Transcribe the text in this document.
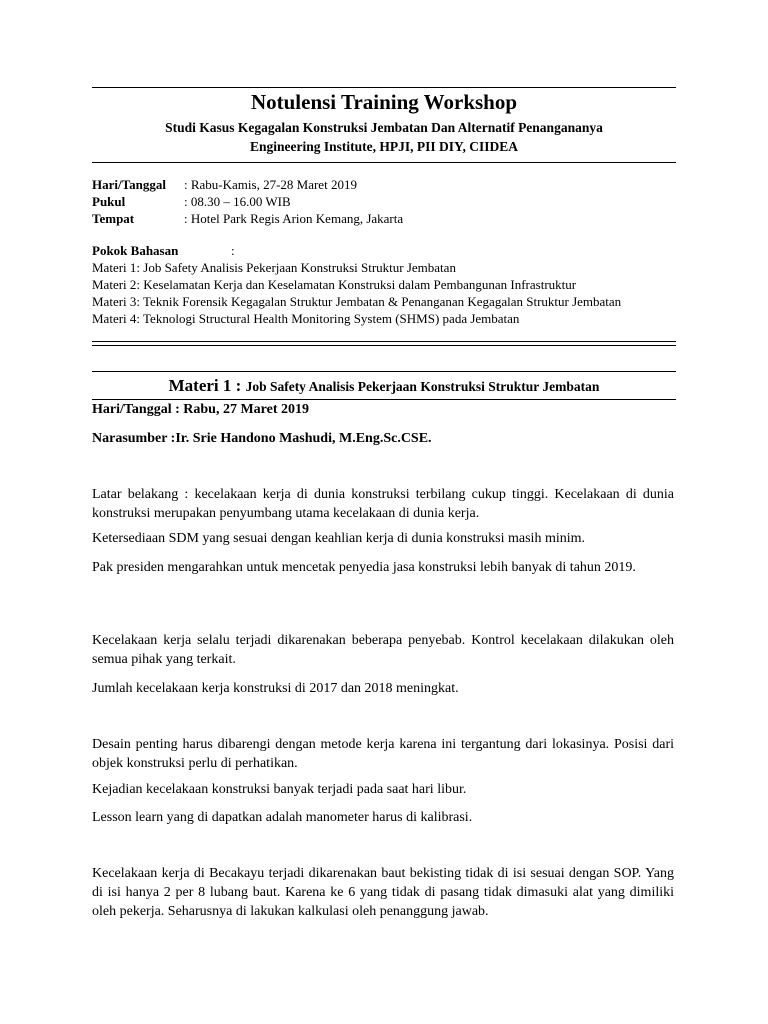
Notulensi Training Workshop
Studi Kasus Kegagalan Konstruksi Jembatan Dan Alternatif Penangananya
Engineering Institute, HPJI, PII DIY, CIIDEA
Hari/Tanggal : Rabu-Kamis, 27-28 Maret 2019
Pukul	: 08.30 – 16.00 WIB
Tempat	: Hotel Park Regis Arion Kemang, Jakarta
Pokok Bahasan	:
Materi 1: Job Safety Analisis Pekerjaan Konstruksi Struktur Jembatan
Materi 2: Keselamatan Kerja dan Keselamatan Konstruksi dalam Pembangunan Infrastruktur
Materi 3: Teknik Forensik Kegagalan Struktur Jembatan & Penanganan Kegagalan Struktur Jembatan
Materi 4: Teknologi Structural Health Monitoring System (SHMS) pada Jembatan
Materi 1 : Job Safety Analisis Pekerjaan Konstruksi Struktur Jembatan
Hari/Tanggal : Rabu, 27 Maret 2019
Narasumber :Ir. Srie Handono Mashudi, M.Eng.Sc.CSE.
Latar belakang : kecelakaan kerja di dunia konstruksi terbilang cukup tinggi. Kecelakaan di dunia konstruksi merupakan penyumbang utama kecelakaan di dunia kerja.
Ketersediaan SDM yang sesuai dengan keahlian kerja di dunia konstruksi masih minim.
Pak presiden mengarahkan untuk mencetak penyedia jasa konstruksi lebih banyak di tahun 2019.
Kecelakaan kerja selalu terjadi dikarenakan beberapa penyebab. Kontrol kecelakaan dilakukan oleh semua pihak yang terkait.
Jumlah kecelakaan kerja konstruksi di 2017 dan 2018 meningkat.
Desain penting harus dibarengi dengan metode kerja karena ini tergantung dari lokasinya. Posisi dari objek konstruksi perlu di perhatikan.
Kejadian kecelakaan konstruksi banyak terjadi pada saat hari libur.
Lesson learn yang di dapatkan adalah manometer harus di kalibrasi.
Kecelakaan kerja di Becakayu terjadi dikarenakan baut bekisting tidak di isi sesuai dengan SOP. Yang di isi hanya 2 per 8 lubang baut. Karena ke 6 yang tidak di pasang tidak dimasuki alat yang dimiliki oleh pekerja. Seharusnya di lakukan kalkulasi oleh penanggung jawab.
